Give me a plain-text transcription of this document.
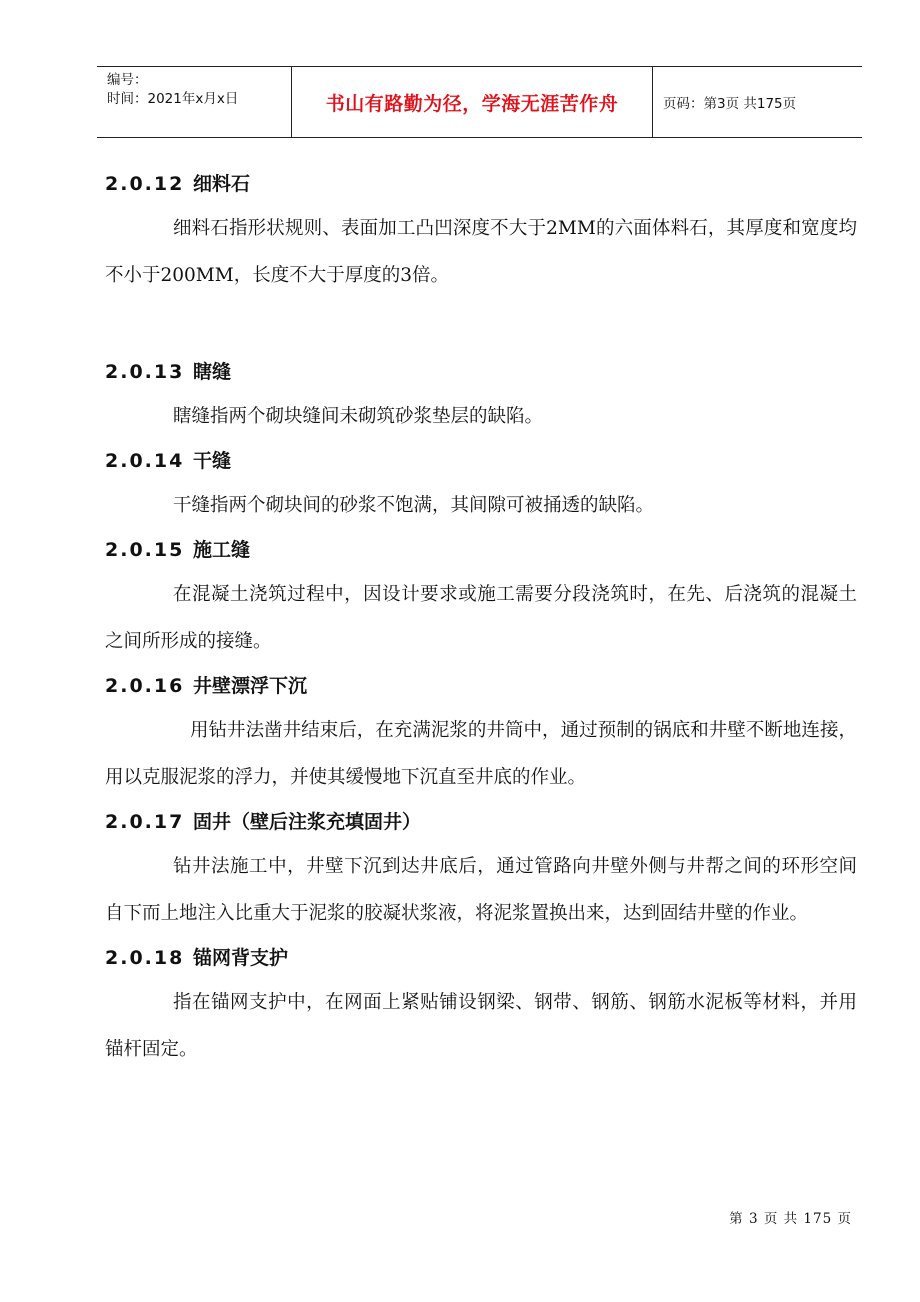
编号：
时间：2021年x月x日	书山有路勤为径，学海无涯苦作舟	页码：第3页 共175页
2.0.12 细料石

细料石指形状规则、表面加工凸凹深度不大于2MM的六面体料石，其厚度和宽度均不小于200MM，长度不大于厚度的3倍。

2.0.13 瞎缝

瞎缝指两个砌块缝间未砌筑砂浆垫层的缺陷。

2.0.14 干缝

干缝指两个砌块间的砂浆不饱满，其间隙可被捅透的缺陷。

2.0.15 施工缝

在混凝土浇筑过程中，因设计要求或施工需要分段浇筑时，在先、后浇筑的混凝土之间所形成的接缝。

2.0.16 井壁漂浮下沉

用钻井法凿井结束后，在充满泥浆的井筒中，通过预制的锅底和井壁不断地连接，用以克服泥浆的浮力，并使其缓慢地下沉直至井底的作业。

2.0.17 固井（壁后注浆充填固井）

钻井法施工中，井壁下沉到达井底后，通过管路向井壁外侧与井帮之间的环形空间自下而上地注入比重大于泥浆的胶凝状浆液，将泥浆置换出来，达到固结井壁的作业。

2.0.18 锚网背支护

指在锚网支护中，在网面上紧贴铺设钢梁、钢带、钢筋、钢筋水泥板等材料，并用锚杆固定。

第 3 页 共 175 页
